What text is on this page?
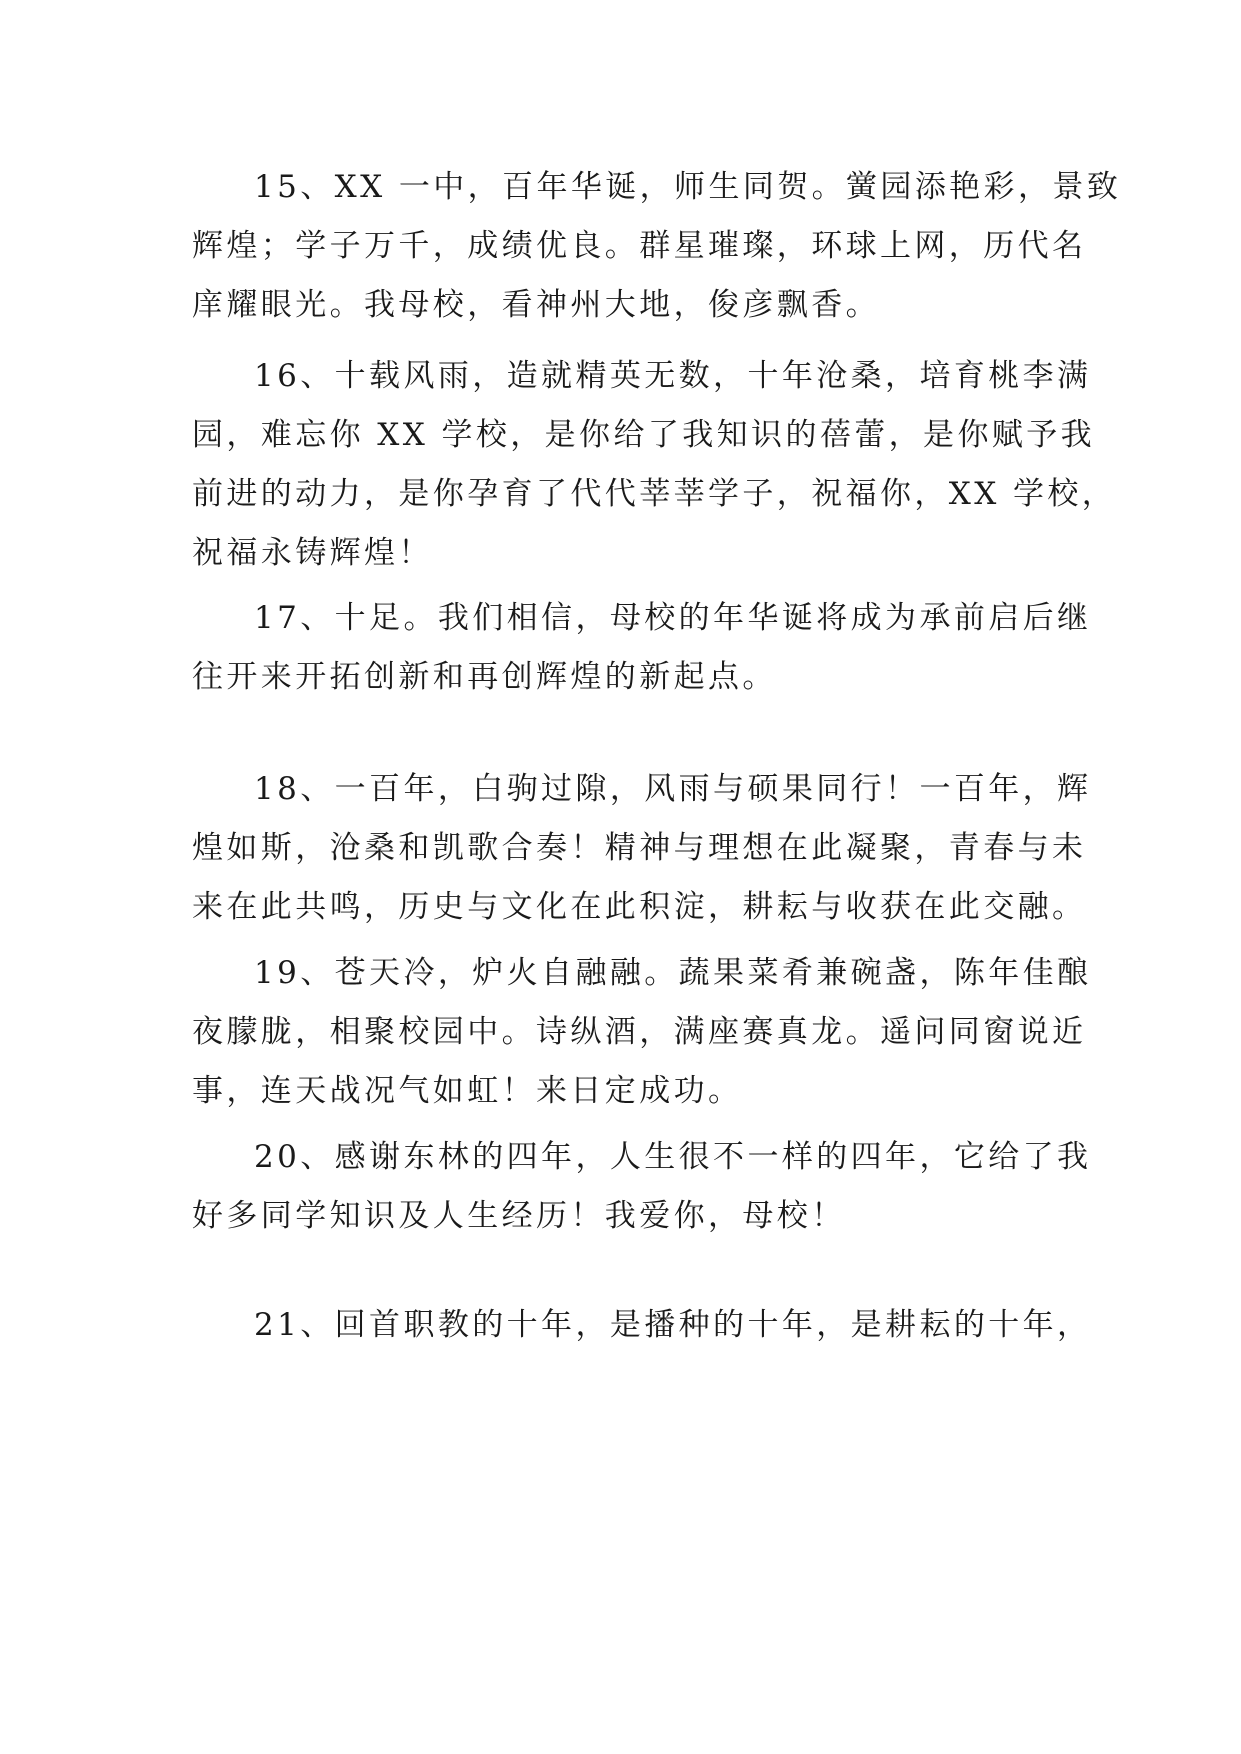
15、XX 一中，百年华诞，师生同贺。黉园添艳彩，景致
辉煌；学子万千，成绩优良。群星璀璨，环球上网，历代名
庠耀眼光。我母校，看神州大地，俊彦飘香。

16、十载风雨，造就精英无数，十年沧桑，培育桃李满
园，难忘你 XX 学校，是你给了我知识的蓓蕾，是你赋予我
前进的动力，是你孕育了代代莘莘学子，祝福你，XX 学校，
祝福永铸辉煌！

17、十足。我们相信，母校的年华诞将成为承前启后继
往开来开拓创新和再创辉煌的新起点。

18、一百年，白驹过隙，风雨与硕果同行！一百年，辉
煌如斯，沧桑和凯歌合奏！精神与理想在此凝聚，青春与未
来在此共鸣，历史与文化在此积淀，耕耘与收获在此交融。

19、苍天冷，炉火自融融。蔬果菜肴兼碗盏，陈年佳酿
夜朦胧，相聚校园中。诗纵酒，满座赛真龙。遥问同窗说近
事，连天战况气如虹！来日定成功。

20、感谢东林的四年，人生很不一样的四年，它给了我
好多同学知识及人生经历！我爱你，母校！

21、回首职教的十年，是播种的十年，是耕耘的十年，
